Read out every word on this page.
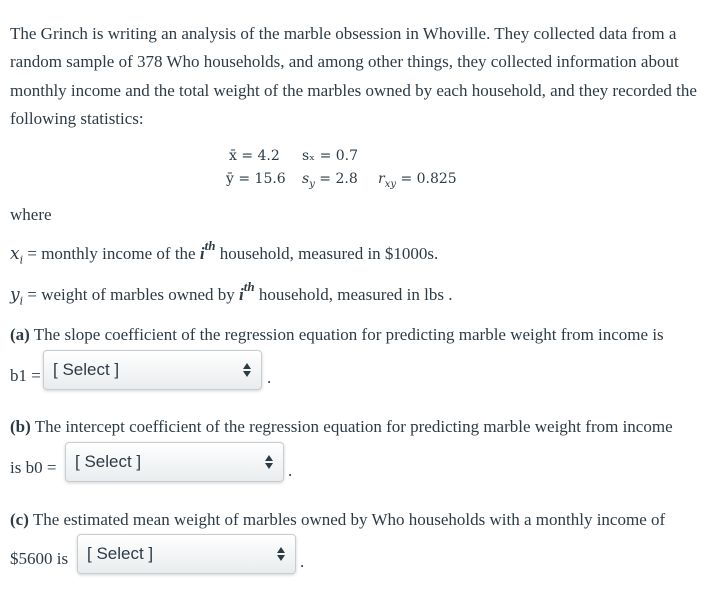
The Grinch is writing an analysis of the marble obsession in Whoville. They collected data from a random sample of 378 Who households, and among other things, they collected information about monthly income and the total weight of the marbles owned by each household, and they recorded the following statistics:

x̄ = 4.2 sₓ = 0.7
ȳ = 15.6 $s_y = 2.8$ $r_{xy} = 0.825$
where
$x_i$ = monthly income of the $i^{th}$ household, measured in $1000s.
$y_i$ = weight of marbles owned by $i^{th}$ household, measured in lbs .
(a) The slope coefficient of the regression equation for predicting marble weight from income is
b1 = [ Select ]	.
(b) The intercept coefficient of the regression equation for predicting marble weight from income
is b0 = [ Select ]	.
(c) The estimated mean weight of marbles owned by Who households with a monthly income of
$5600 is [ Select ]	.
